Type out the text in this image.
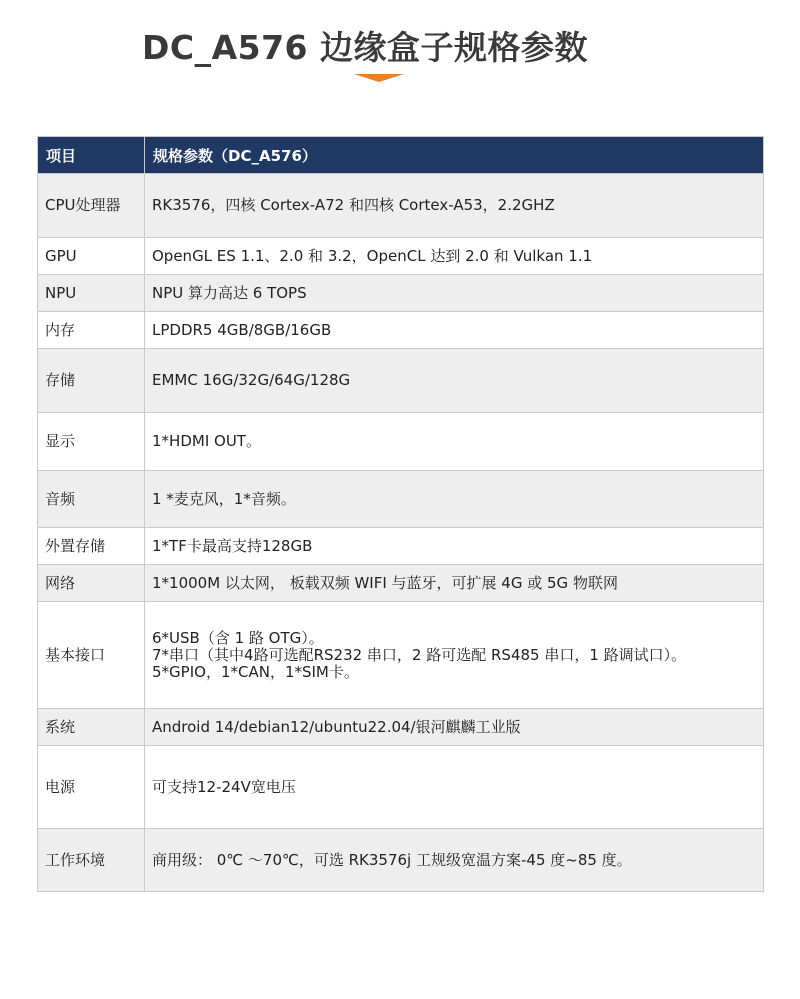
DC_A576 边缘盒子规格参数
项目	规格参数（DC_A576）
CPU处理器	RK3576，四核 Cortex-A72 和四核 Cortex-A53，2.2GHZ
GPU	OpenGL ES 1.1、2.0 和 3.2，OpenCL 达到 2.0 和 Vulkan 1.1
NPU	NPU 算力高达 6 TOPS
内存	LPDDR5 4GB/8GB/16GB
存储	EMMC 16G/32G/64G/128G
显示	1*HDMI OUT。
音频	1 *麦克风，1*音频。
外置存储	1*TF卡最高支持128GB
网络	1*1000M 以太网， 板载双频 WIFI 与蓝牙，可扩展 4G 或 5G 物联网
基本接口	6*USB（含 1 路 OTG）。
7*串口（其中4路可选配RS232 串口，2 路可选配 RS485 串口，1 路调试口）。
5*GPIO，1*CAN，1*SIM卡。

系统	Android 14/debian12/ubuntu22.04/银河麒麟工业版
电源	可支持12-24V宽电压
工作环境	商用级： 0℃ ～70℃，可选 RK3576j 工规级宽温方案-45 度~85 度。
